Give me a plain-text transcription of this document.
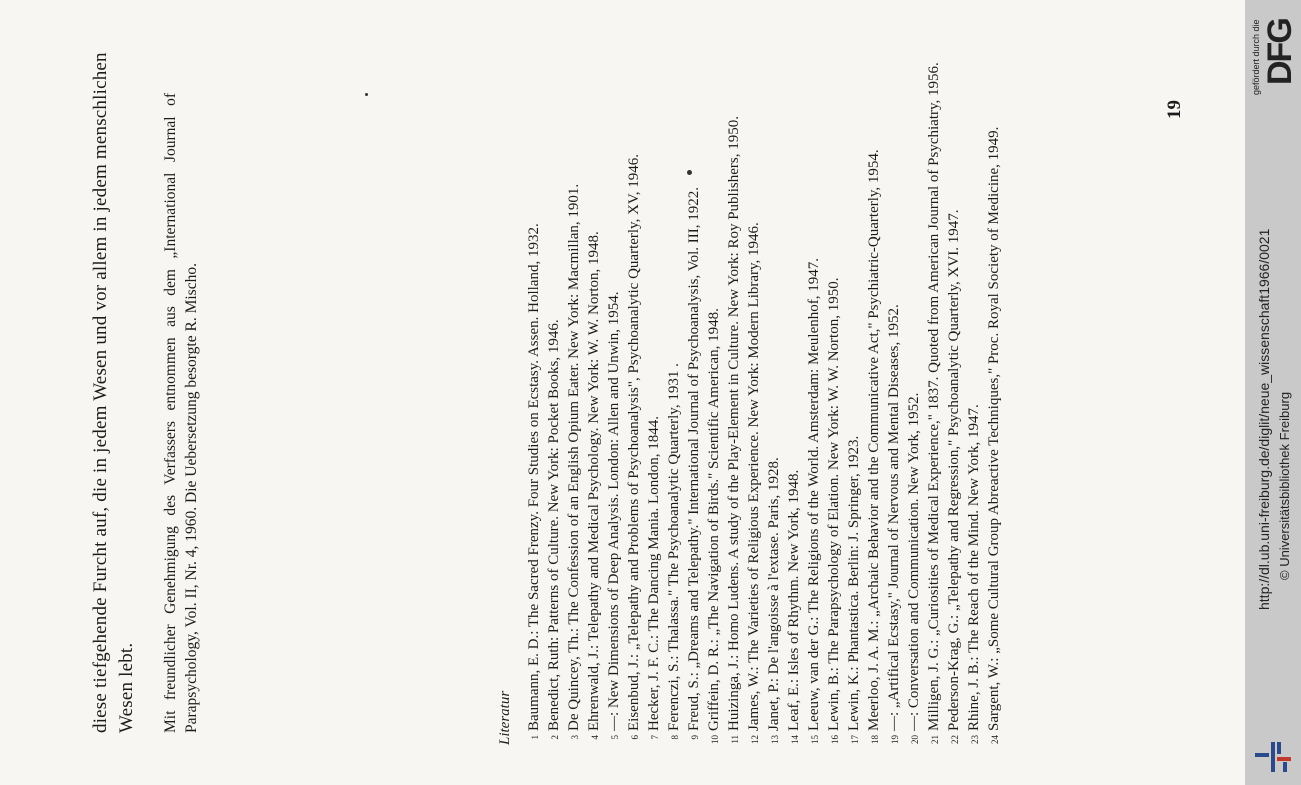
diese tiefgehende Furcht auf, die in jedem Wesen und vor allem in jedem menschlichen Wesen lebt. Mit freundlicher Genehmigung des Verfassers entnommen aus dem „International Journal of Parapsychology, Vol. II, Nr. 4, 1960. Die Uebersetzung besorgte R. Mischo.	Literatur	1
Baumann, E. D.: The Sacred Frenzy. Four Studies on Ecstasy. Assen. Holland, 1932.
2
Benedict, Ruth: Patterns of Culture. New York: Pocket Books, 1946.
3
De Quincey, Th.: The Confession of an English Opium Eater. New York: Macmillan, 1901.
4
Ehrenwald, J.: Telepathy and Medical Psychology. New York: W. W. Norton, 1948.
5
—: New Dimensions of Deep Analysis. London: Allen and Unwin, 1954.
6
Eisenbud, J.: „Telepathy and Problems of Psychoanalysis", Psychoanalytic Quarterly, XV, 1946.
7
Hecker, J. F. C.: The Dancing Mania. London, 1844.
8
Ferenczi, S.: Thalassa." The Psychoanalytic Quarterly, 1931 .
9
Freud, S.: „Dreams and Telepathy." International Journal of Psychoanalysis, Vol. III, 1922.
10
Griffein, D. R.: „The Navigation of Birds." Scientific American, 1948.
11
Huizinga, J.: Homo Ludens. A study of the Play-Element in Culture. New York: Roy Publishers, 1950.
12
James, W.: The Varieties of Religious Experience. New York: Modern Library, 1946.
13
Janet, P.: De l'angoisse à l'extase. Paris, 1928.
14
Leaf, E.: Isles of Rhythm. New York, 1948.
15
Leeuw, van der G.: The Religions of the World. Amsterdam: Meulenhof, 1947.
16
Lewin, B.: The Parapsychology of Elation. New York: W. W. Norton, 1950.
17
Lewin, K.: Phantastica. Berlin: J. Springer, 1923.
18
Meerloo, J. A. M.: „Archaic Behavior and the Communicative Act," Psychiatric-Quarterly, 1954.
19
—: „Artifical Ecstasy," Journal of Nervous and Mental Diseases, 1952.
20
—: Conversation and Communication. New York, 1952.
21
Milligen, J. G.: „Curiosities of Medical Experience," 1837. Quoted from American Journal of Psychiatry, 1956.
22
Pederson-Krag, G.: „Telepathy and Regression," Psychoanalytic Quarterly, XVI. 1947.
23
Rhine, J. B.: The Reach of the Mind. New York, 1947.
24
Sargent, W.: „Some Cultural Group Abreactive Techniques," Proc. Royal Society of Medicine, 1949.
19
http://dl.ub.uni-freiburg.de/diglit/neue_wissenschaft1966/0021 © Universitätsbibliothek Freiburg
gefördert durch die DFG
